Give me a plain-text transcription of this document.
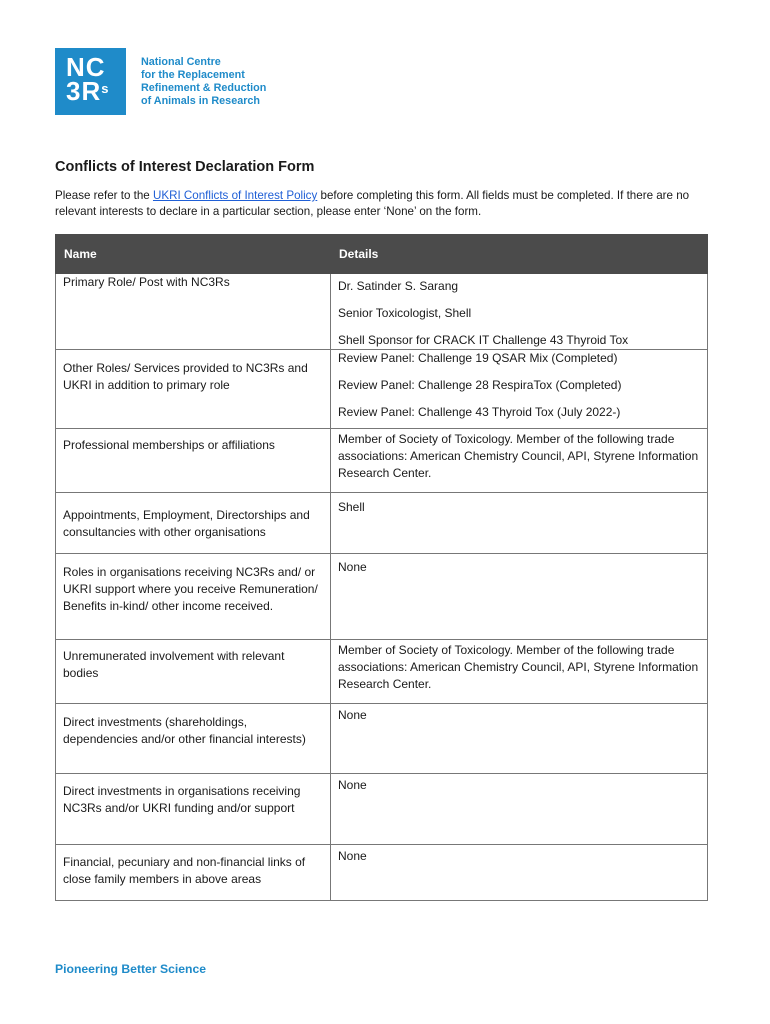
NC
$3R^s$
National Centre
for the Replacement
Refinement & Reduction
of Animals in Research
Conflicts of Interest Declaration Form

Please refer to the UKRI Conflicts of Interest Policy before completing this form. All fields must be completed. If there are no relevant interests to declare in a particular section, please enter ‘None’ on the form.

Name	Details
Primary Role/ Post with NC3Rs	Dr. Satinder S. Sarang
Senior Toxicologist, Shell
Shell Sponsor for CRACK IT Challenge 43 Thyroid Tox

Other Roles/ Services provided to NC3Rs and UKRI in addition to primary role	Review Panel: Challenge 19 QSAR Mix (Completed)
Review Panel: Challenge 28 RespiraTox (Completed)
Review Panel: Challenge 43 Thyroid Tox (July 2022-)

Professional memberships or affiliations	Member of Society of Toxicology. Member of the following trade associations: American Chemistry Council, API, Styrene Information Research Center.

Appointments, Employment, Directorships and consultancies with other organisations	Shell

Roles in organisations receiving NC3Rs and/ or UKRI support where you receive Remuneration/ Benefits in-kind/ other income received.	None

Unremunerated involvement with relevant bodies	Member of Society of Toxicology. Member of the following trade associations: American Chemistry Council, API, Styrene Information Research Center.

Direct investments (shareholdings, dependencies and/or other financial interests)	None

Direct investments in organisations receiving NC3Rs and/or UKRI funding and/or support	None

Financial, pecuniary and non-financial links of close family members in above areas	None
Pioneering Better Science
